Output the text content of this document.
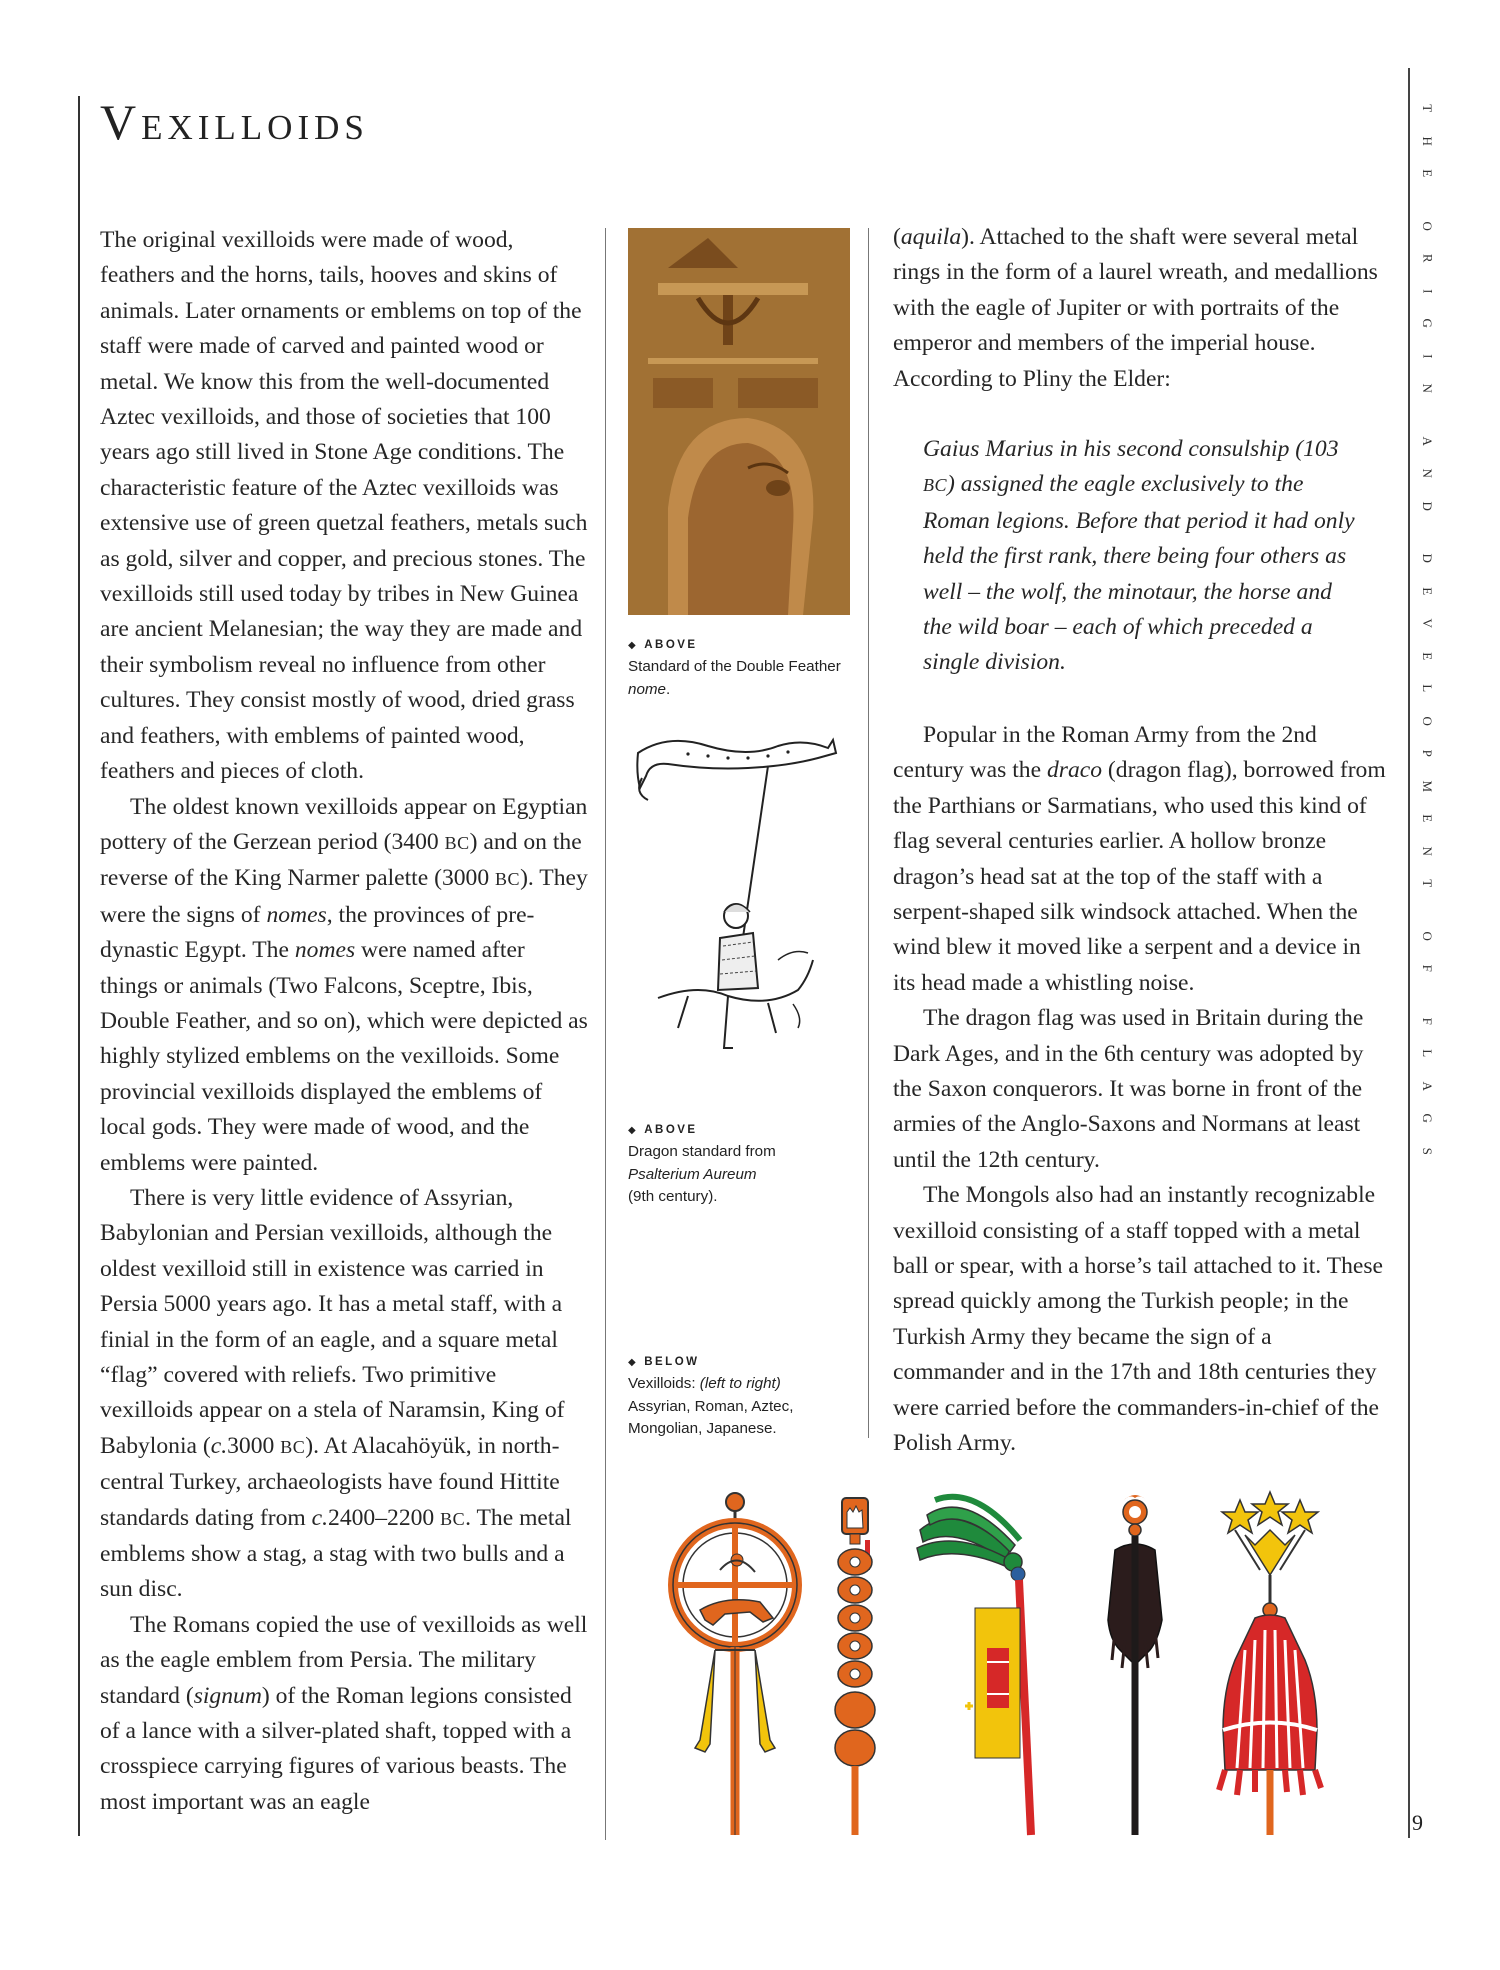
Vexilloids

The original vexilloids were made of wood, feathers and the horns, tails, hooves and skins of animals. Later ornaments or emblems on top of the staff were made of carved and painted wood or metal. We know this from the well-documented Aztec vexilloids, and those of societies that 100 years ago still lived in Stone Age conditions. The characteristic feature of the Aztec vexilloids was extensive use of green quetzal feathers, metals such as gold, silver and copper, and precious stones. The vexilloids still used today by tribes in New Guinea are ancient Melanesian; the way they are made and their symbolism reveal no influence from other cultures. They consist mostly of wood, dried grass and feathers, with emblems of painted wood, feathers and pieces of cloth.

The oldest known vexilloids appear on Egyptian pottery of the Gerzean period (3400 BC) and on the reverse of the King Narmer palette (3000 BC). They were the signs of nomes, the provinces of pre-dynastic Egypt. The nomes were named after things or animals (Two Falcons, Sceptre, Ibis, Double Feather, and so on), which were depicted as highly stylized emblems on the vexilloids. Some provincial vexilloids displayed the emblems of local gods. They were made of wood, and the emblems were painted.

There is very little evidence of Assyrian, Babylonian and Persian vexilloids, although the oldest vexilloid still in existence was carried in Persia 5000 years ago. It has a metal staff, with a finial in the form of an eagle, and a square metal “flag” covered with reliefs. Two primitive vexilloids appear on a stela of Naramsin, King of Babylonia (c.3000 BC). At Alacahöyük, in north-central Turkey, archaeologists have found Hittite standards dating from c.2400–2200 BC. The metal emblems show a stag, a stag with two bulls and a sun disc.

The Romans copied the use of vexilloids as well as the eagle emblem from Persia. The military standard (signum) of the Roman legions consisted of a lance with a silver-plated shaft, topped with a crosspiece carrying figures of various beasts. The most important was an eagle

◆ ABOVE
Standard of the Double Feather nome.
◆ ABOVE
Dragon standard from
Psalterium Aureum
(9th century).
◆ BELOW
Vexilloids: (left to right)
Assyrian, Roman, Aztec, Mongolian, Japanese.

(aquila). Attached to the shaft were several metal rings in the form of a laurel wreath, and medallions with the eagle of Jupiter or with portraits of the emperor and members of the imperial house. According to Pliny the Elder:

Gaius Marius in his second consulship (103 BC) assigned the eagle exclusively to the Roman legions. Before that period it had only held the first rank, there being four others as well – the wolf, the minotaur, the horse and the wild boar – each of which preceded a single division.

Popular in the Roman Army from the 2nd century was the draco (dragon flag), borrowed from the Parthians or Sarmatians, who used this kind of flag several centuries earlier. A hollow bronze dragon’s head sat at the top of the staff with a serpent-shaped silk windsock attached. When the wind blew it moved like a serpent and a device in its head made a whistling noise.

The dragon flag was used in Britain during the Dark Ages, and in the 6th century was adopted by the Saxon conquerors. It was borne in front of the armies of the Anglo-Saxons and Normans at least until the 12th century.

The Mongols also had an instantly recognizable vexilloid consisting of a staff topped with a metal ball or spear, with a horse’s tail attached to it. These spread quickly among the Turkish people; in the Turkish Army they became the sign of a commander and in the 17th and 18th centuries they were carried before the commanders-in-chief of the Polish Army.

T
H
E
O
R
I
G
I
N
A
N
D
D
E
V
E
L
O
P
M
E
N
T
O
F
F
L
A
G
S
9
